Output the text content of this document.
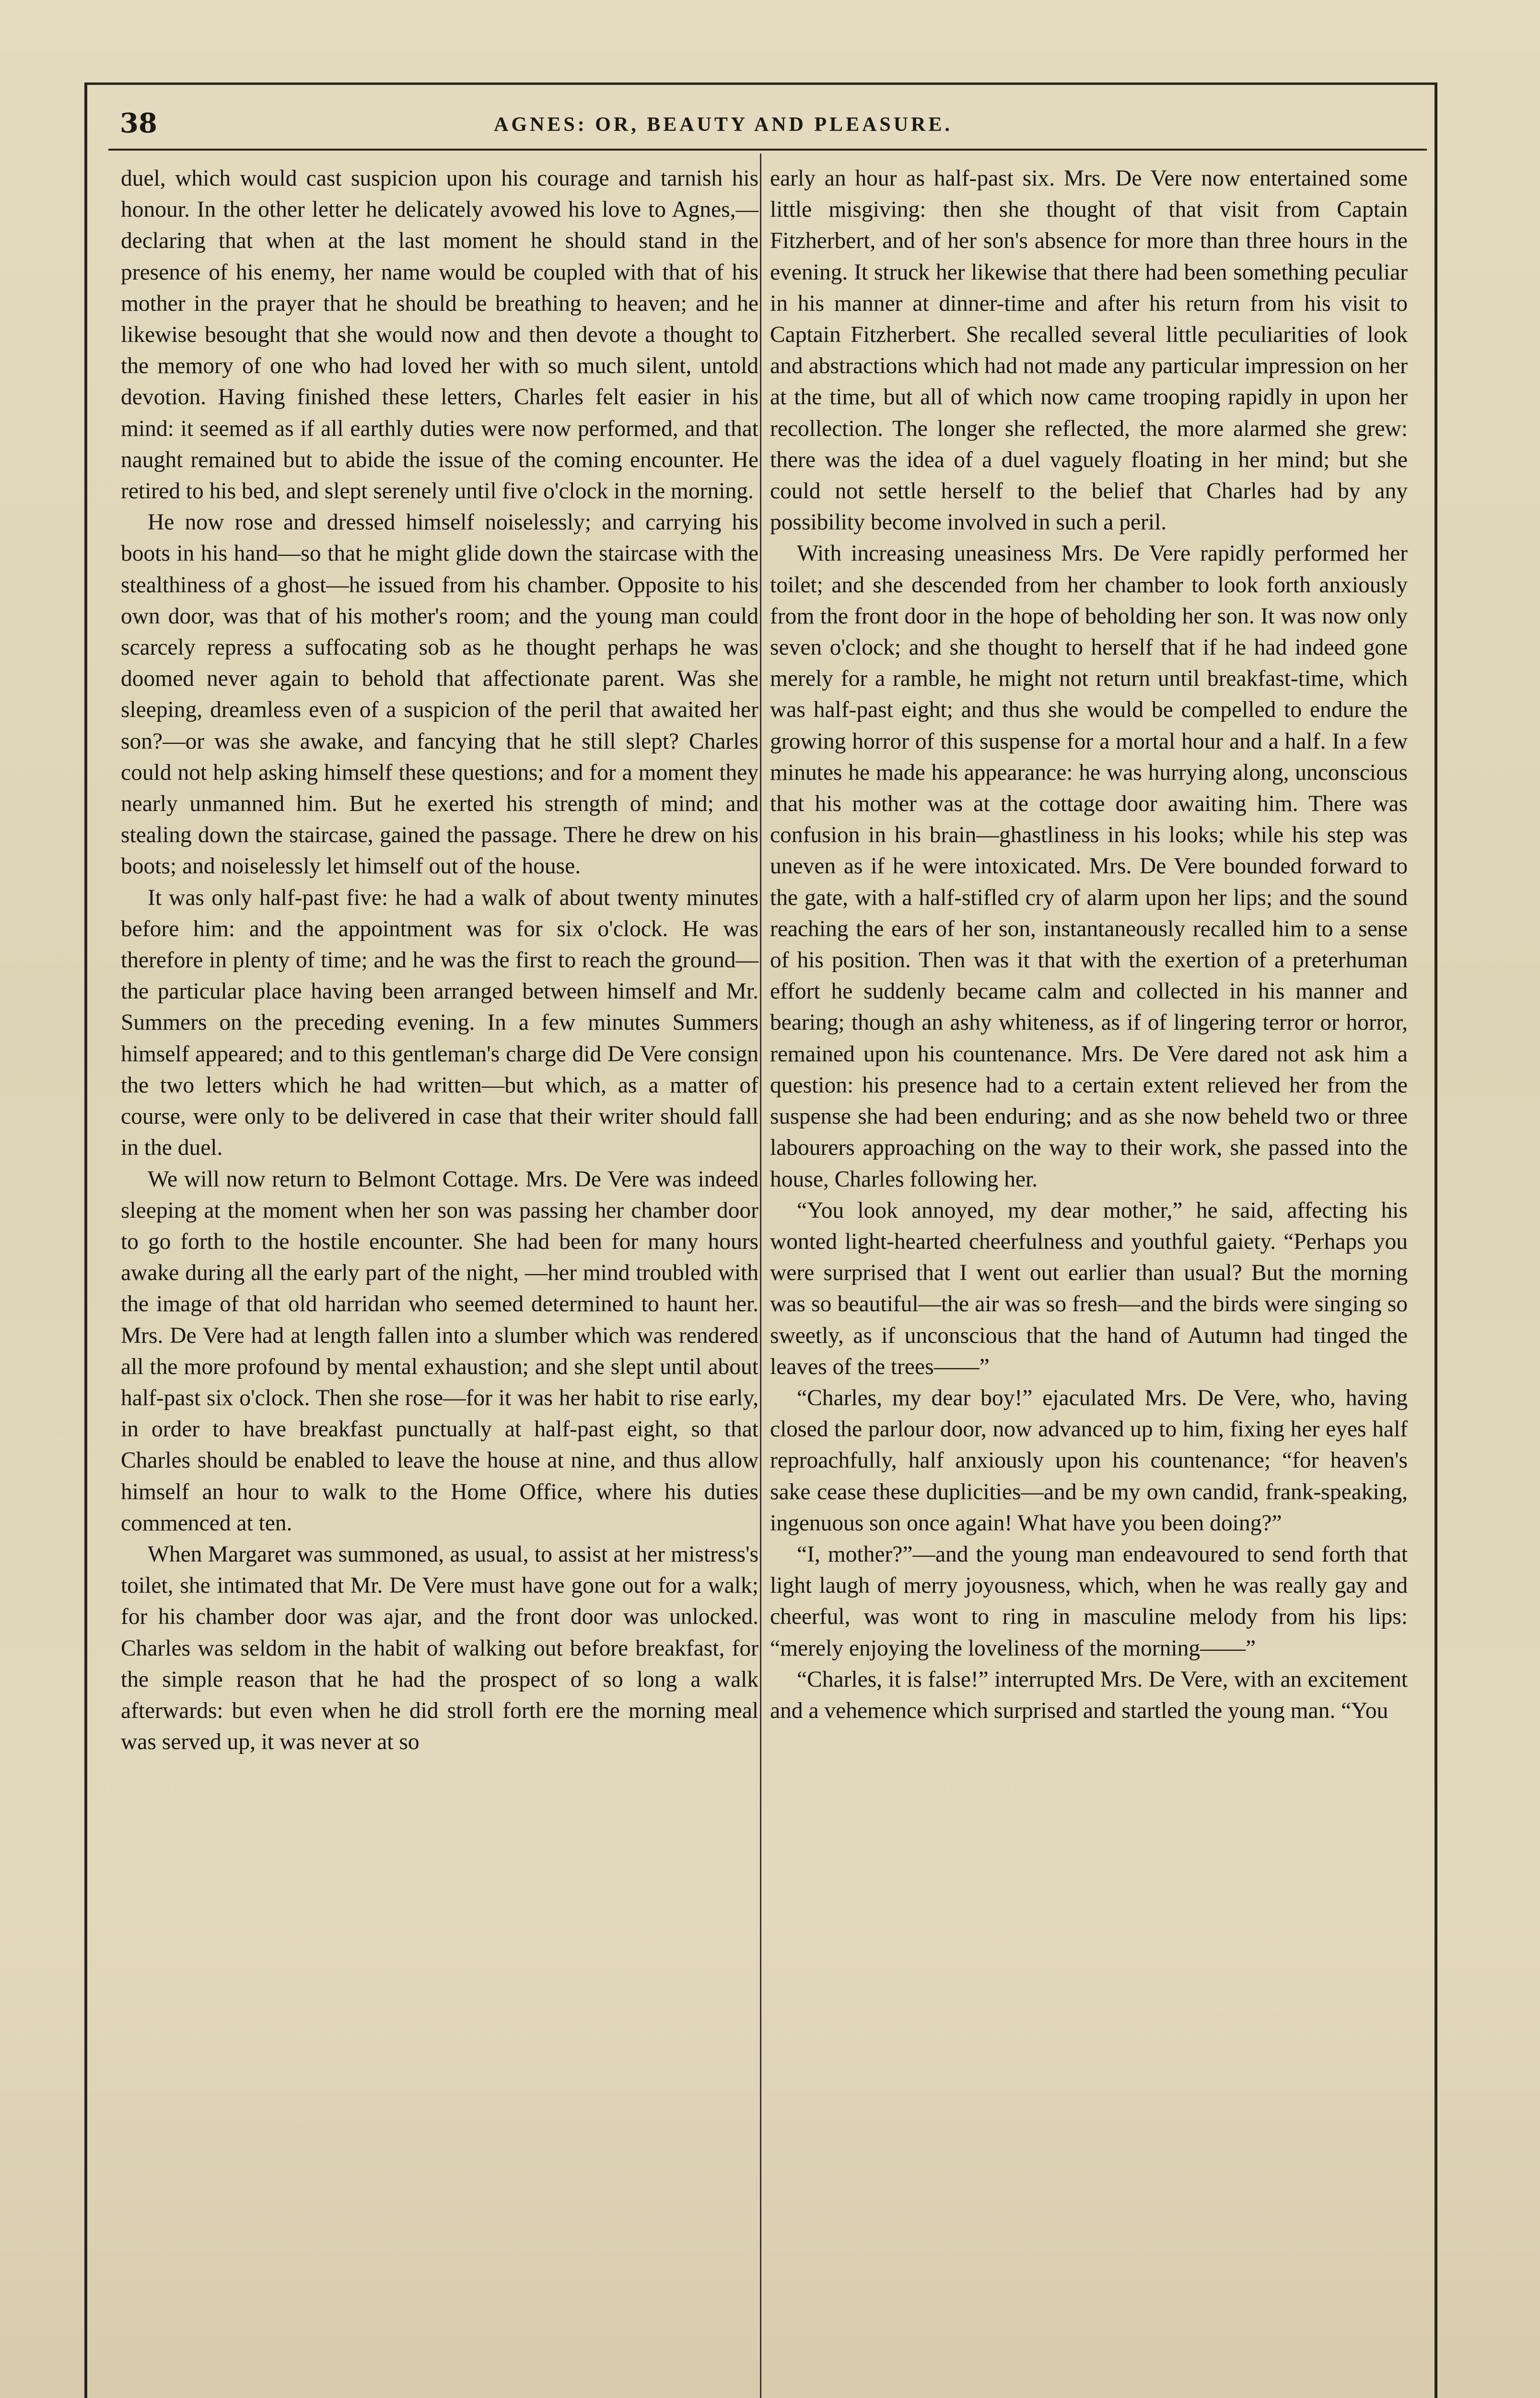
38	AGNES: OR, BEAUTY AND PLEASURE.

duel, which would cast suspicion upon his courage and tarnish his honour. In the other letter he delicately avowed his love to Agnes,—declaring that when at the last moment he should stand in the presence of his enemy, her name would be coupled with that of his mother in the prayer that he should be breathing to heaven; and he likewise besought that she would now and then devote a thought to the memory of one who had loved her with so much silent, untold devotion. Having finished these letters, Charles felt easier in his mind: it seemed as if all earthly duties were now performed, and that naught remained but to abide the issue of the coming encounter. He retired to his bed, and slept serenely until five o'clock in the morning.

He now rose and dressed himself noiselessly; and carrying his boots in his hand—so that he might glide down the staircase with the stealthiness of a ghost—he issued from his chamber. Opposite to his own door, was that of his mother's room; and the young man could scarcely repress a suffocating sob as he thought perhaps he was doomed never again to behold that affectionate parent. Was she sleeping, dreamless even of a suspicion of the peril that awaited her son?—or was she awake, and fancying that he still slept? Charles could not help asking himself these questions; and for a moment they nearly unmanned him. But he exerted his strength of mind; and stealing down the staircase, gained the passage. There he drew on his boots; and noiselessly let himself out of the house.

It was only half-past five: he had a walk of about twenty minutes before him: and the appointment was for six o'clock. He was therefore in plenty of time; and he was the first to reach the ground—the particular place having been arranged between himself and Mr. Summers on the preceding evening. In a few minutes Summers himself appeared; and to this gentleman's charge did De Vere consign the two letters which he had written—but which, as a matter of course, were only to be delivered in case that their writer should fall in the duel.

We will now return to Belmont Cottage. Mrs. De Vere was indeed sleeping at the moment when her son was passing her chamber door to go forth to the hostile encounter. She had been for many hours awake during all the early part of the night, —her mind troubled with the image of that old harridan who seemed determined to haunt her. Mrs. De Vere had at length fallen into a slumber which was rendered all the more profound by mental exhaustion; and she slept until about half-past six o'clock. Then she rose—for it was her habit to rise early, in order to have breakfast punctually at half-past eight, so that Charles should be enabled to leave the house at nine, and thus allow himself an hour to walk to the Home Office, where his duties commenced at ten.

When Margaret was summoned, as usual, to assist at her mistress's toilet, she intimated that Mr. De Vere must have gone out for a walk; for his chamber door was ajar, and the front door was unlocked. Charles was seldom in the habit of walking out before breakfast, for the simple reason that he had the prospect of so long a walk afterwards: but even when he did stroll forth ere the morning meal was served up, it was never at so

early an hour as half-past six. Mrs. De Vere now entertained some little misgiving: then she thought of that visit from Captain Fitzherbert, and of her son's absence for more than three hours in the evening. It struck her likewise that there had been something peculiar in his manner at dinner-time and after his return from his visit to Captain Fitzherbert. She recalled several little peculiarities of look and abstractions which had not made any particular impression on her at the time, but all of which now came trooping rapidly in upon her recollection. The longer she reflected, the more alarmed she grew: there was the idea of a duel vaguely floating in her mind; but she could not settle herself to the belief that Charles had by any possibility become involved in such a peril.

With increasing uneasiness Mrs. De Vere rapidly performed her toilet; and she descended from her chamber to look forth anxiously from the front door in the hope of beholding her son. It was now only seven o'clock; and she thought to herself that if he had indeed gone merely for a ramble, he might not return until breakfast-time, which was half-past eight; and thus she would be compelled to endure the growing horror of this suspense for a mortal hour and a half. In a few minutes he made his appearance: he was hurrying along, unconscious that his mother was at the cottage door awaiting him. There was confusion in his brain—ghastliness in his looks; while his step was uneven as if he were intoxicated. Mrs. De Vere bounded forward to the gate, with a half-stifled cry of alarm upon her lips; and the sound reaching the ears of her son, instantaneously recalled him to a sense of his position. Then was it that with the exertion of a preterhuman effort he suddenly became calm and collected in his manner and bearing; though an ashy whiteness, as if of lingering terror or horror, remained upon his countenance. Mrs. De Vere dared not ask him a question: his presence had to a certain extent relieved her from the suspense she had been enduring; and as she now beheld two or three labourers approaching on the way to their work, she passed into the house, Charles following her.

“You look annoyed, my dear mother,” he said, affecting his wonted light-hearted cheerfulness and youthful gaiety. “Perhaps you were surprised that I went out earlier than usual? But the morning was so beautiful—the air was so fresh—and the birds were singing so sweetly, as if unconscious that the hand of Autumn had tinged the leaves of the trees——”

“Charles, my dear boy!” ejaculated Mrs. De Vere, who, having closed the parlour door, now advanced up to him, fixing her eyes half reproachfully, half anxiously upon his countenance; “for heaven's sake cease these duplicities—and be my own candid, frank-speaking, ingenuous son once again! What have you been doing?”

“I, mother?”—and the young man endeavoured to send forth that light laugh of merry joyousness, which, when he was really gay and cheerful, was wont to ring in masculine melody from his lips: “merely enjoying the loveliness of the morning——”

“Charles, it is false!” interrupted Mrs. De Vere, with an excitement and a vehemence which surprised and startled the young man. “You
